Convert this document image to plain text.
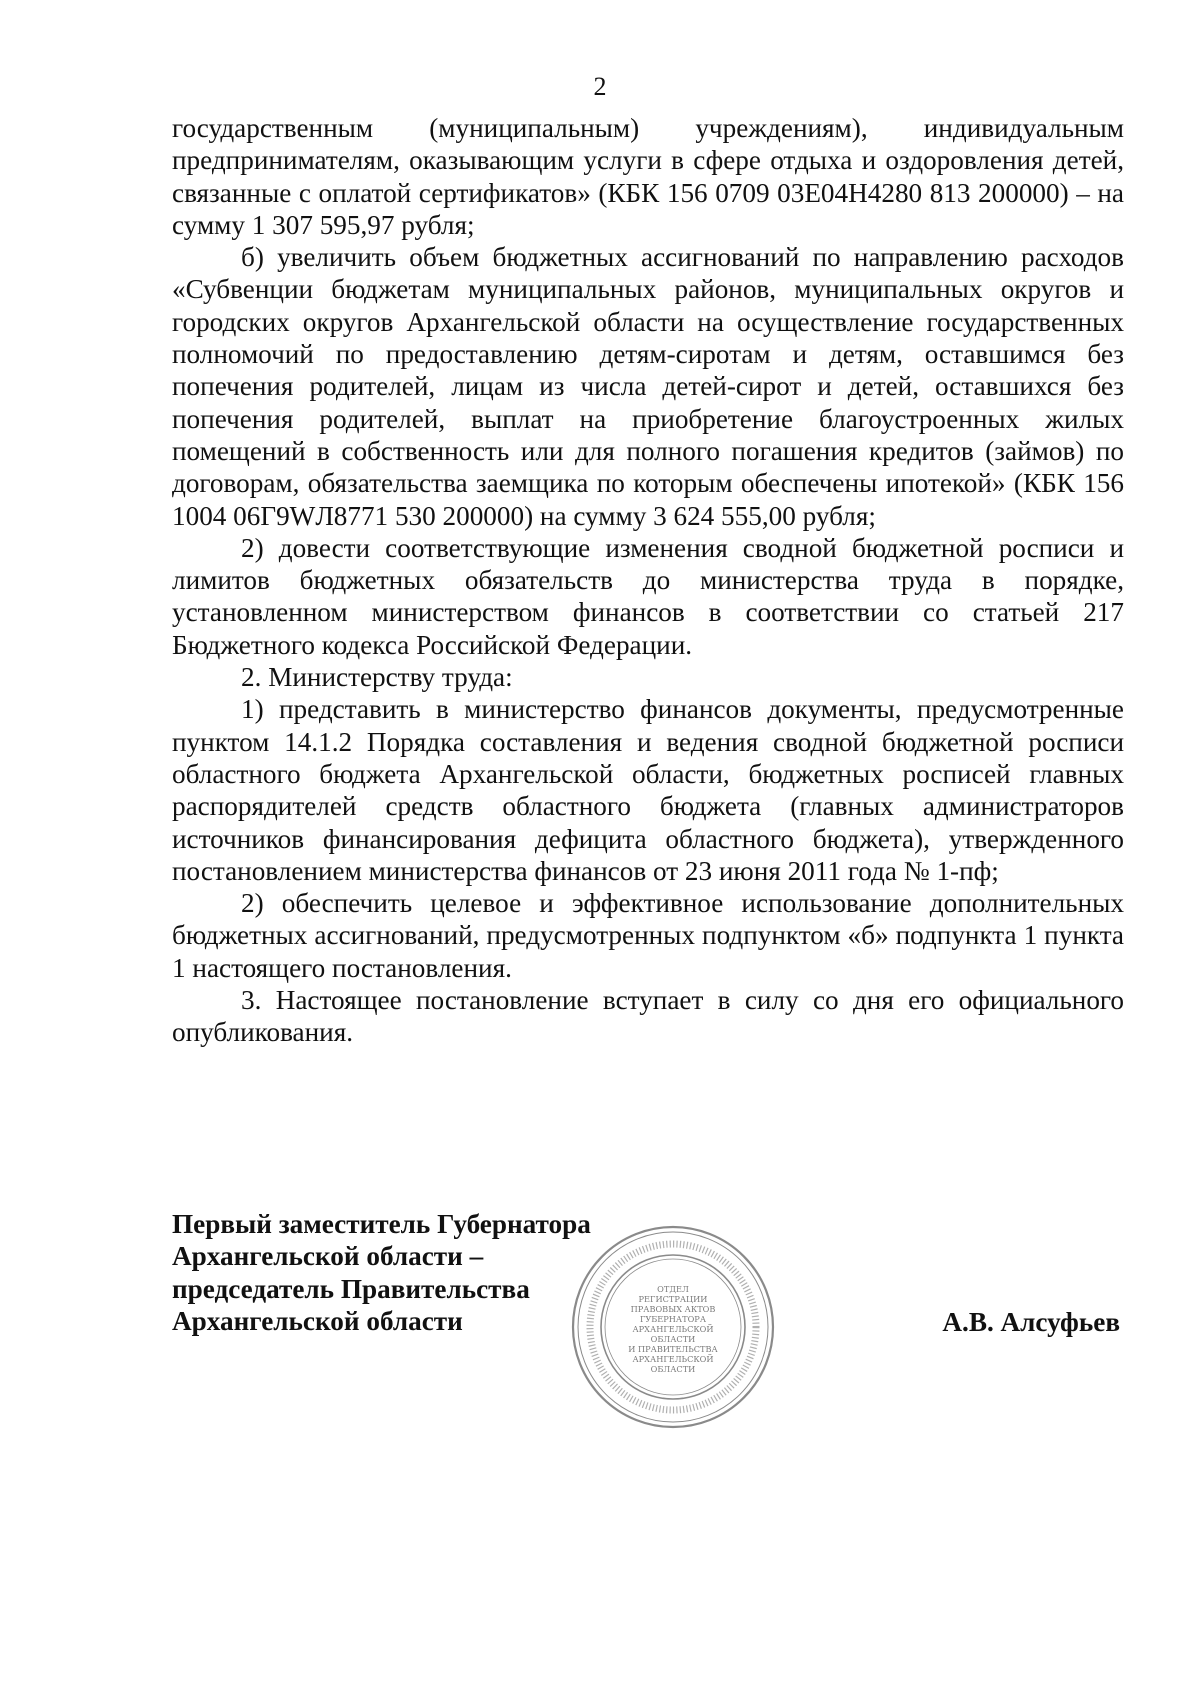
2

государственным (муниципальным) учреждениям), индивидуальным предпринимателям, оказывающим услуги в сфере отдыха и оздоровления детей, связанные с оплатой сертификатов» (КБК 156 0709 03Е04Н4280 813 200000) – на сумму 1 307 595,97 рубля;

б) увеличить объем бюджетных ассигнований по направлению расходов «Субвенции бюджетам муниципальных районов, муниципальных округов и городских округов Архангельской области на осуществление государственных полномочий по предоставлению детям-сиротам и детям, оставшимся без попечения родителей, лицам из числа детей-сирот и детей, оставшихся без попечения родителей, выплат на приобретение благоустроенных жилых помещений в собственность или для полного погашения кредитов (займов) по договорам, обязательства заемщика по которым обеспечены ипотекой» (КБК 156 1004 06Г9WЛ8771 530 200000) на сумму 3 624 555,00 рубля;

2) довести соответствующие изменения сводной бюджетной росписи и лимитов бюджетных обязательств до министерства труда в порядке, установленном министерством финансов в соответствии со статьей 217 Бюджетного кодекса Российской Федерации.

2. Министерству труда:

1) представить в министерство финансов документы, предусмотренные пунктом 14.1.2 Порядка составления и ведения сводной бюджетной росписи областного бюджета Архангельской области, бюджетных росписей главных распорядителей средств областного бюджета (главных администраторов источников финансирования дефицита областного бюджета), утвержденного постановлением министерства финансов от 23 июня 2011 года № 1-пф;

2) обеспечить целевое и эффективное использование дополнительных бюджетных ассигнований, предусмотренных подпунктом «б» подпункта 1 пункта 1 настоящего постановления.

3. Настоящее постановление вступает в силу со дня его официального опубликования.

Первый заместитель Губернатора
Архангельской области –
председатель Правительства
Архангельской области	А.В. Алсуфьев
ОТДЕЛ
РЕГИСТРАЦИИ
ПРАВОВЫХ АКТОВ
ГУБЕРНАТОРА
АРХАНГЕЛЬСКОЙ
ОБЛАСТИ
И ПРАВИТЕЛЬСТВА
АРХАНГЕЛЬСКОЙ
ОБЛАСТИ
